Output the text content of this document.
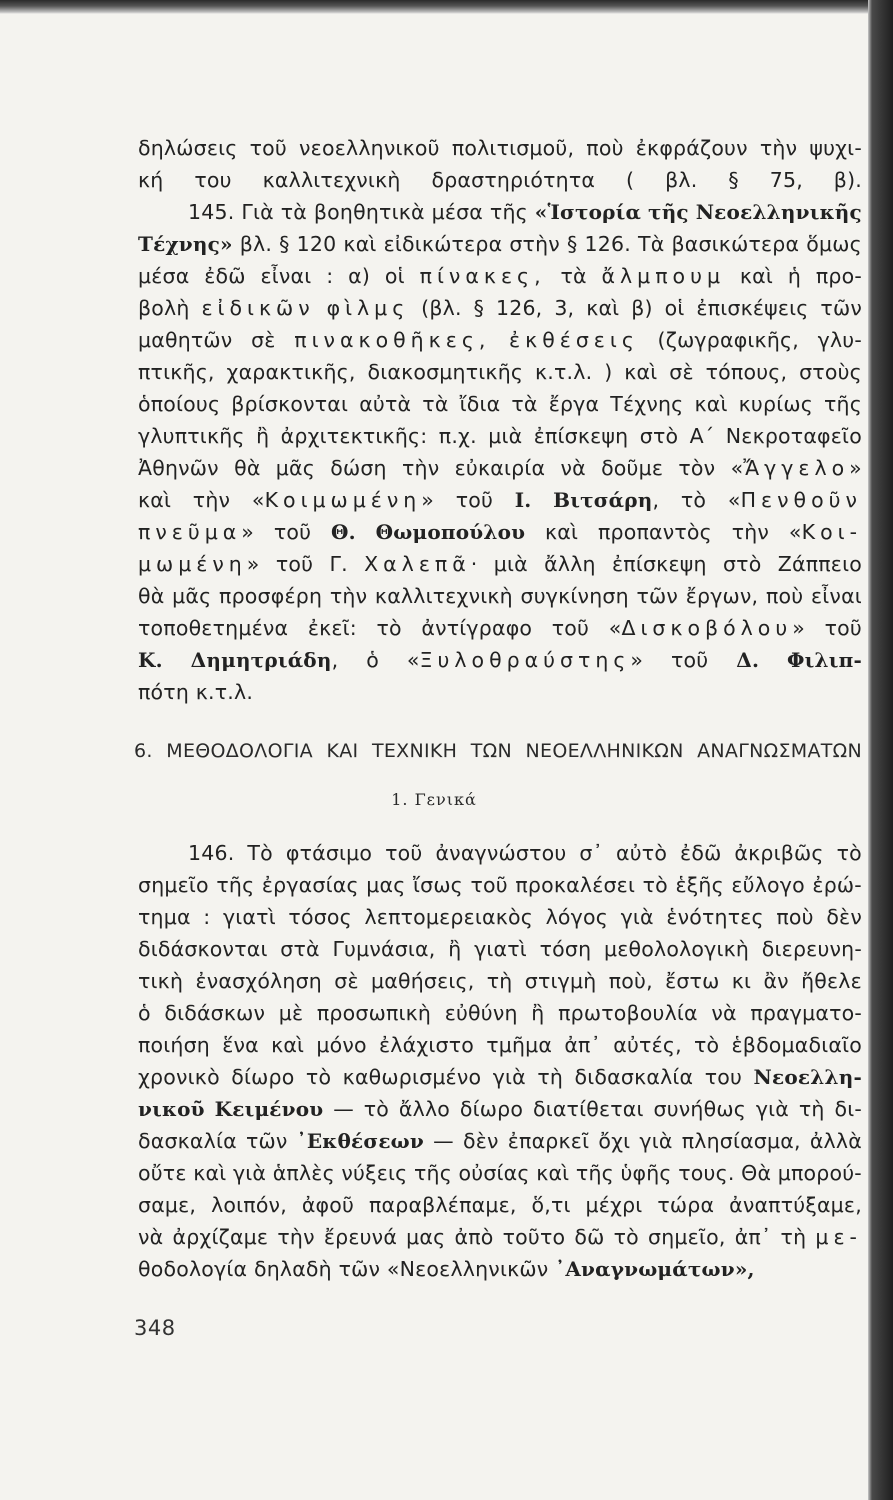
δηλώσεις τοῦ νεοελληνικοῦ πολιτισμοῦ, ποὺ ἐκφράζουν τὴν ψυχι-
κή του καλλιτεχνικὴ δραστηριότητα ( βλ. § 75, β).
145. Γιὰ τὰ βοηθητικὰ μέσα τῆς «Ἱστορία τῆς Νεοελληνικῆς
Τέχνης» βλ. § 120 καὶ εἰδικώτερα στὴν § 126. Τὰ βασικώτερα ὅμως
μέσα ἐδῶ εἶναι : α) οἱ πίνακες, τὰ ἄλμπουμ καὶ ἡ προ-
βολὴ εἰδικῶν φὶλμς (βλ. § 126, 3, καὶ β) οἱ ἐπισκέψεις τῶν
μαθητῶν σὲ πινακοθῆκες, ἐκθέσεις (ζωγραφικῆς, γλυ-
πτικῆς, χαρακτικῆς, διακοσμητικῆς κ.τ.λ. ) καὶ σὲ τόπους, στοὺς
ὁποίους βρίσκονται αὐτὰ τὰ ἴδια τὰ ἔργα Τέχνης καὶ κυρίως τῆς
γλυπτικῆς ἢ ἀρχιτεκτικῆς: π.χ. μιὰ ἐπίσκεψη στὸ Α΄ Νεκροταφεῖο
Ἀθηνῶν θὰ μᾶς δώση τὴν εὐκαιρία νὰ δοῦμε τὸν «Ἄγγελο»
καὶ τὴν «Κοιμωμένη» τοῦ Ι. Βιτσάρη, τὸ «Πενθοῦν
πνεῦμα» τοῦ Θ. Θωμοπούλου καὶ προπαντὸς τὴν «Κοι-
μωμένη» τοῦ Γ. Χαλεπᾶ· μιὰ ἄλλη ἐπίσκεψη στὸ Ζάππειο
θὰ μᾶς προσφέρη τὴν καλλιτεχνικὴ συγκίνηση τῶν ἔργων, ποὺ εἶναι
τοποθετημένα ἐκεῖ: τὸ ἀντίγραφο τοῦ «Δισκοβόλου» τοῦ
Κ. Δημητριάδη, ὁ «Ξυλοθραύστης» τοῦ Δ. Φιλιπ-
πότη
κ.τ.λ.
6. ΜΕΘΟΔΟΛΟΓΙΑ ΚΑΙ ΤΕΧΝΙΚΗ ΤΩΝ ΝΕΟΕΛΛΗΝΙΚΩΝ ΑΝΑΓΝΩΣΜΑΤΩΝ
1. Γενικά
146. Τὸ φτάσιμο τοῦ ἀναγνώστου σ᾽ αὐτὸ ἐδῶ ἀκριβῶς τὸ
σημεῖο τῆς ἐργασίας μας ἴσως τοῦ προκαλέσει τὸ ἑξῆς εὔλογο ἐρώ-
τημα : γιατὶ τόσος λεπτομερειακὸς λόγος γιὰ ἑνότητες ποὺ δὲν
διδάσκονται στὰ Γυμνάσια, ἢ γιατὶ τόση μεθολολογικὴ διερευνη-
τικὴ ἐνασχόληση σὲ μαθήσεις, τὴ στιγμὴ ποὺ, ἔστω κι ἂν ἤθελε
ὁ διδάσκων μὲ προσωπικὴ εὐθύνη ἢ πρωτοβουλία νὰ πραγματο-
ποιήση ἕνα καὶ μόνο ἐλάχιστο τμῆμα ἀπ᾽ αὐτές, τὸ ἑβδομαδιαῖο
χρονικὸ δίωρο τὸ καθωρισμένο γιὰ τὴ διδασκαλία του Νεοελλη-
νικοῦ Κειμένου — τὸ ἄλλο δίωρο διατίθεται συνήθως γιὰ τὴ δι-
δασκαλία τῶν ᾽Εκθέσεων — δὲν ἐπαρκεῖ ὄχι γιὰ πλησίασμα, ἀλλὰ
οὔτε καὶ γιὰ ἁπλὲς νύξεις τῆς οὐσίας καὶ τῆς ὑφῆς τους. Θὰ μπορού-
σαμε, λοιπόν, ἀφοῦ παραβλέπαμε, ὅ,τι μέχρι τώρα ἀναπτύξαμε,
νὰ ἀρχίζαμε τὴν ἔρευνά μας ἀπὸ τοῦτο δῶ τὸ σημεῖο, ἀπ᾽ τὴ με-
θοδολογία
δηλαδὴ
τῶν
«Νεοελληνικῶν
᾽Αναγνωμάτων»,
348
